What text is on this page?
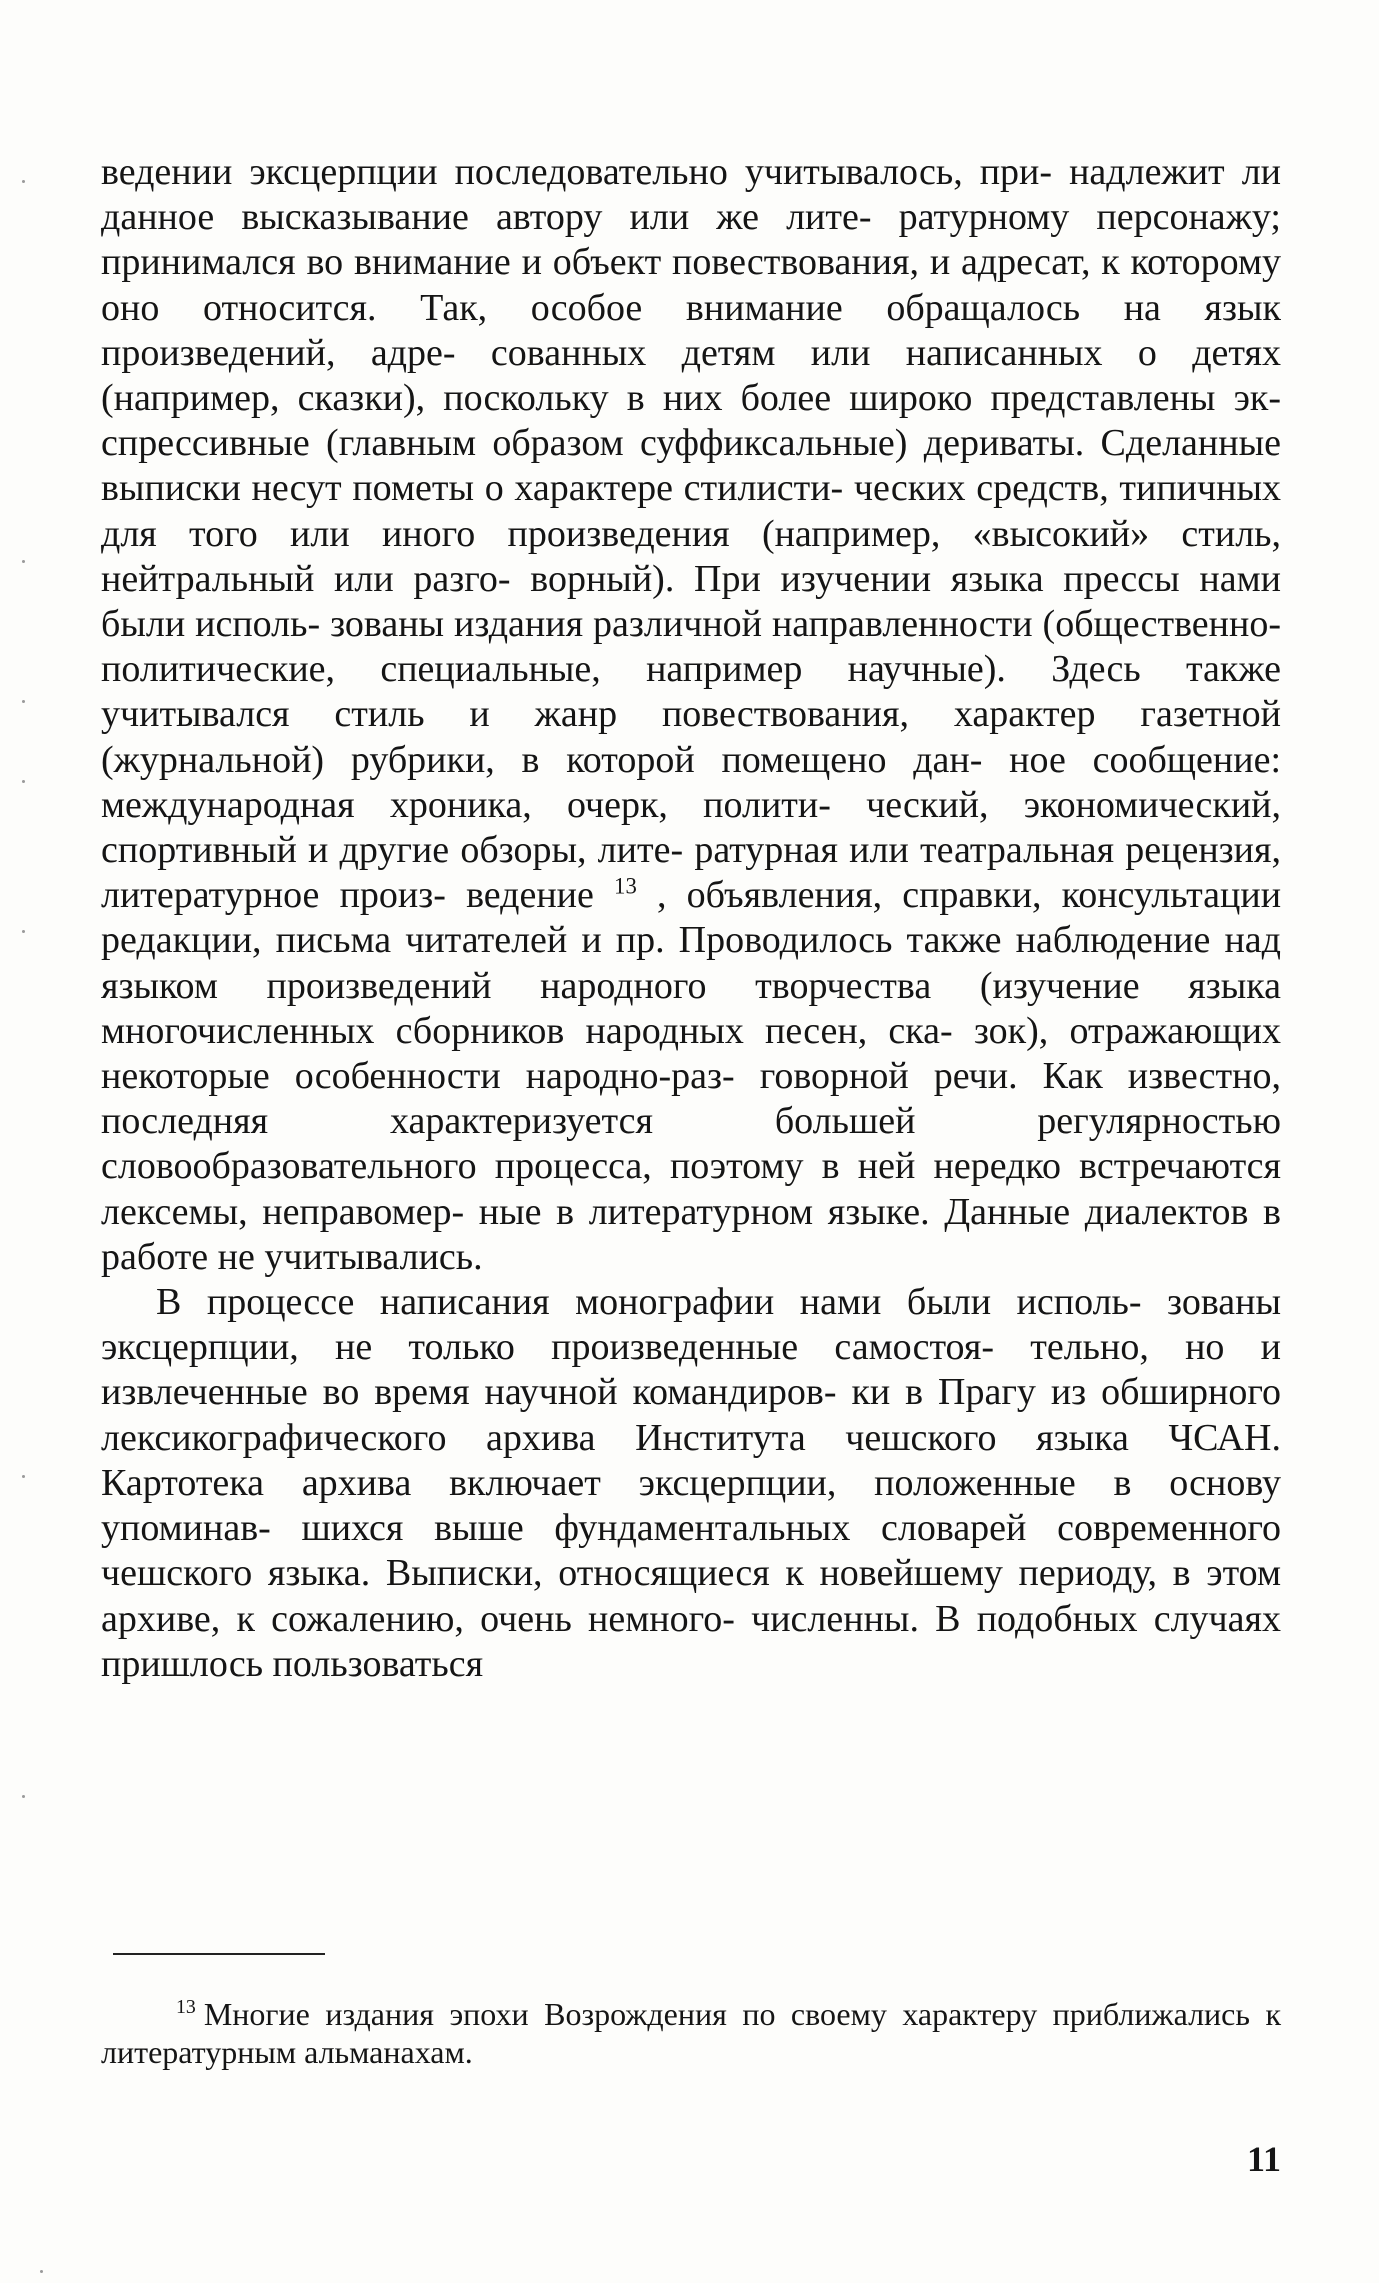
ведении эксцерпции последовательно учитывалось, при- надлежит ли данное высказывание автору или же лите- ратурному персонажу; принимался во внимание и объект повествования, и адресат, к которому оно относится. Так, особое внимание обращалось на язык произведений, адре- сованных детям или написанных о детях (например, сказки), поскольку в них более широко представлены эк- спрессивные (главным образом суффиксальные) дериваты. Сделанные выписки несут пометы о характере стилисти- ческих средств, типичных для того или иного произведения (например, «высокий» стиль, нейтральный или разго- ворный). При изучении языка прессы нами были исполь- зованы издания различной направленности (общественно- политические, специальные, например научные). Здесь также учитывался стиль и жанр повествования, характер газетной (журнальной) рубрики, в которой помещено дан- ное сообщение: международная хроника, очерк, полити- ческий, экономический, спортивный и другие обзоры, лите- ратурная или театральная рецензия, литературное произ- ведение $^{13}$ , объявления, справки, консультации редакции, письма читателей и пр. Проводилось также наблюдение над языком произведений народного творчества (изучение языка многочисленных сборников народных песен, ска- зок), отражающих некоторые особенности народно-раз- говорной речи. Как известно, последняя характеризуется большей регулярностью словообразовательного процесса, поэтому в ней нередко встречаются лексемы, неправомер- ные в литературном языке. Данные диалектов в работе не учитывались.

В процессе написания монографии нами были исполь- зованы эксцерпции, не только произведенные самостоя- тельно, но и извлеченные во время научной командиров- ки в Прагу из обширного лексикографического архива Института чешского языка ЧСАН. Картотека архива включает эксцерпции, положенные в основу упоминав- шихся выше фундаментальных словарей современного чешского языка. Выписки, относящиеся к новейшему периоду, в этом архиве, к сожалению, очень немного- численны. В подобных случаях пришлось пользоваться

$^{13}$ Многие издания эпохи Возрождения по своему характеру приближались к литературным альманахам.
11
